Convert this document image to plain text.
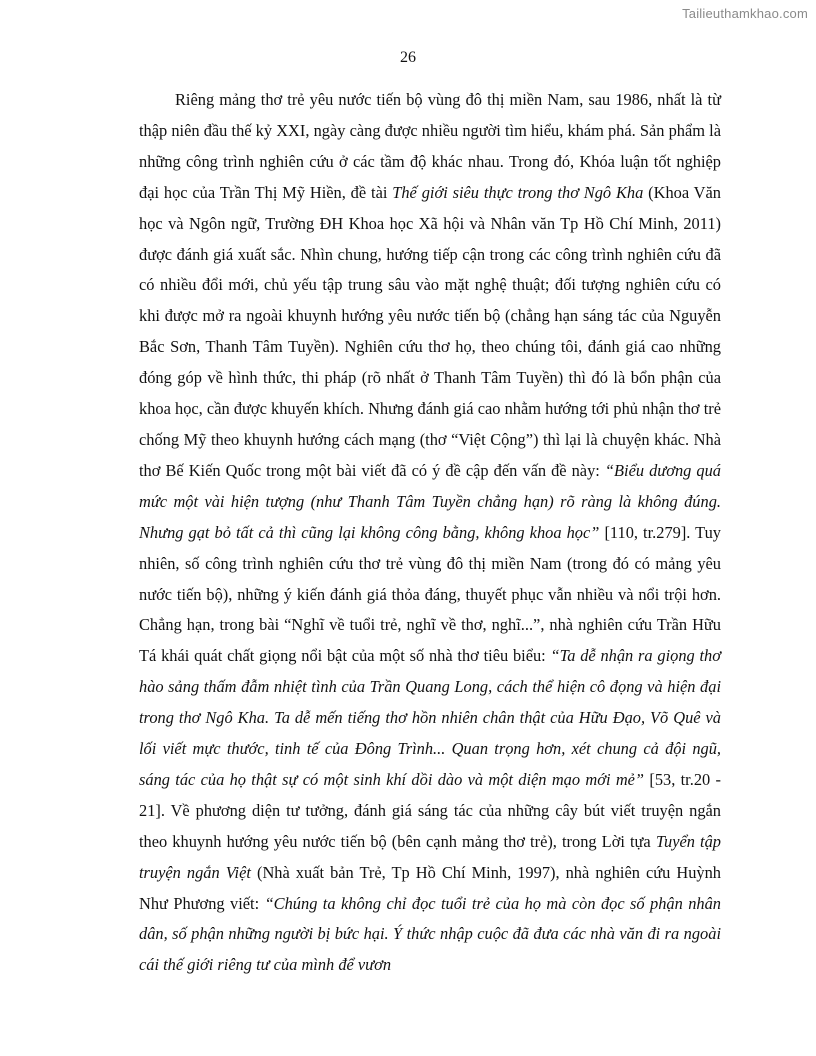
Tailieuthamkhao.com
26

Riêng mảng thơ trẻ yêu nước tiến bộ vùng đô thị miền Nam, sau 1986, nhất là từ thập niên đầu thế kỷ XXI, ngày càng được nhiều người tìm hiểu, khám phá. Sản phẩm là những công trình nghiên cứu ở các tầm độ khác nhau. Trong đó, Khóa luận tốt nghiệp đại học của Trần Thị Mỹ Hiền, đề tài Thế giới siêu thực trong thơ Ngô Kha (Khoa Văn học và Ngôn ngữ, Trường ĐH Khoa học Xã hội và Nhân văn Tp Hồ Chí Minh, 2011) được đánh giá xuất sắc. Nhìn chung, hướng tiếp cận trong các công trình nghiên cứu đã có nhiều đổi mới, chủ yếu tập trung sâu vào mặt nghệ thuật; đối tượng nghiên cứu có khi được mở ra ngoài khuynh hướng yêu nước tiến bộ (chẳng hạn sáng tác của Nguyễn Bắc Sơn, Thanh Tâm Tuyền). Nghiên cứu thơ họ, theo chúng tôi, đánh giá cao những đóng góp về hình thức, thi pháp (rõ nhất ở Thanh Tâm Tuyền) thì đó là bổn phận của khoa học, cần được khuyến khích. Nhưng đánh giá cao nhằm hướng tới phủ nhận thơ trẻ chống Mỹ theo khuynh hướng cách mạng (thơ “Việt Cộng”) thì lại là chuyện khác. Nhà thơ Bế Kiến Quốc trong một bài viết đã có ý đề cập đến vấn đề này: “Biểu dương quá mức một vài hiện tượng (như Thanh Tâm Tuyền chẳng hạn) rõ ràng là không đúng. Nhưng gạt bỏ tất cả thì cũng lại không công bằng, không khoa học” [110, tr.279]. Tuy nhiên, số công trình nghiên cứu thơ trẻ vùng đô thị miền Nam (trong đó có mảng yêu nước tiến bộ), những ý kiến đánh giá thỏa đáng, thuyết phục vẫn nhiều và nổi trội hơn. Chẳng hạn, trong bài “Nghĩ về tuổi trẻ, nghĩ về thơ, nghĩ...”, nhà nghiên cứu Trần Hữu Tá khái quát chất giọng nổi bật của một số nhà thơ tiêu biểu: “Ta dễ nhận ra giọng thơ hào sảng thấm đẫm nhiệt tình của Trần Quang Long, cách thể hiện cô đọng và hiện đại trong thơ Ngô Kha. Ta dễ mến tiếng thơ hồn nhiên chân thật của Hữu Đạo, Võ Quê và lối viết mực thước, tinh tế của Đông Trình... Quan trọng hơn, xét chung cả đội ngũ, sáng tác của họ thật sự có một sinh khí dồi dào và một diện mạo mới mẻ” [53, tr.20 - 21]. Về phương diện tư tưởng, đánh giá sáng tác của những cây bút viết truyện ngắn theo khuynh hướng yêu nước tiến bộ (bên cạnh mảng thơ trẻ), trong Lời tựa Tuyển tập truyện ngắn Việt (Nhà xuất bản Trẻ, Tp Hồ Chí Minh, 1997), nhà nghiên cứu Huỳnh Như Phương viết: “Chúng ta không chỉ đọc tuổi trẻ của họ mà còn đọc số phận nhân dân, số phận những người bị bức hại. Ý thức nhập cuộc đã đưa các nhà văn đi ra ngoài cái thế giới riêng tư của mình để vươn
